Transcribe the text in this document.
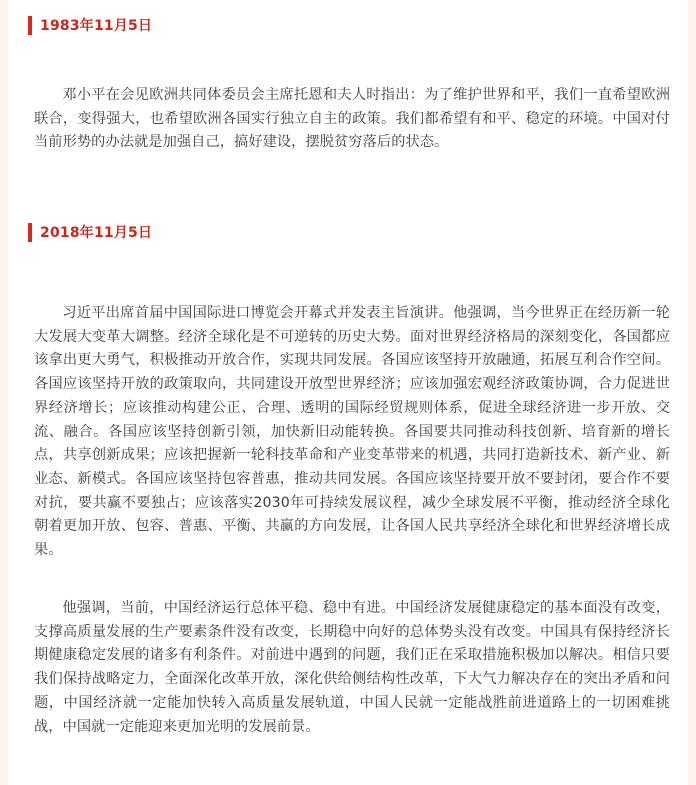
1983年11月5日

邓小平在会见欧洲共同体委员会主席托恩和夫人时指出：为了维护世界和平，我们一直希望欧洲联合，变得强大，也希望欧洲各国实行独立自主的政策。我们都希望有和平、稳定的环境。中国对付当前形势的办法就是加强自己，搞好建设，摆脱贫穷落后的状态。

2018年11月5日

习近平出席首届中国国际进口博览会开幕式并发表主旨演讲。他强调，当今世界正在经历新一轮大发展大变革大调整。经济全球化是不可逆转的历史大势。面对世界经济格局的深刻变化，各国都应该拿出更大勇气，积极推动开放合作，实现共同发展。各国应该坚持开放融通，拓展互利合作空间。各国应该坚持开放的政策取向，共同建设开放型世界经济；应该加强宏观经济政策协调，合力促进世界经济增长；应该推动构建公正、合理、透明的国际经贸规则体系，促进全球经济进一步开放、交流、融合。各国应该坚持创新引领，加快新旧动能转换。各国要共同推动科技创新、培育新的增长点，共享创新成果；应该把握新一轮科技革命和产业变革带来的机遇，共同打造新技术、新产业、新业态、新模式。各国应该坚持包容普惠，推动共同发展。各国应该坚持要开放不要封闭，要合作不要对抗，要共赢不要独占；应该落实2030年可持续发展议程，减少全球发展不平衡，推动经济全球化朝着更加开放、包容、普惠、平衡、共赢的方向发展，让各国人民共享经济全球化和世界经济增长成果。

他强调，当前，中国经济运行总体平稳、稳中有进。中国经济发展健康稳定的基本面没有改变，支撑高质量发展的生产要素条件没有改变，长期稳中向好的总体势头没有改变。中国具有保持经济长期健康稳定发展的诸多有利条件。对前进中遇到的问题，我们正在采取措施积极加以解决。相信只要我们保持战略定力，全面深化改革开放，深化供给侧结构性改革，下大气力解决存在的突出矛盾和问题，中国经济就一定能加快转入高质量发展轨道，中国人民就一定能战胜前进道路上的一切困难挑战，中国就一定能迎来更加光明的发展前景。
